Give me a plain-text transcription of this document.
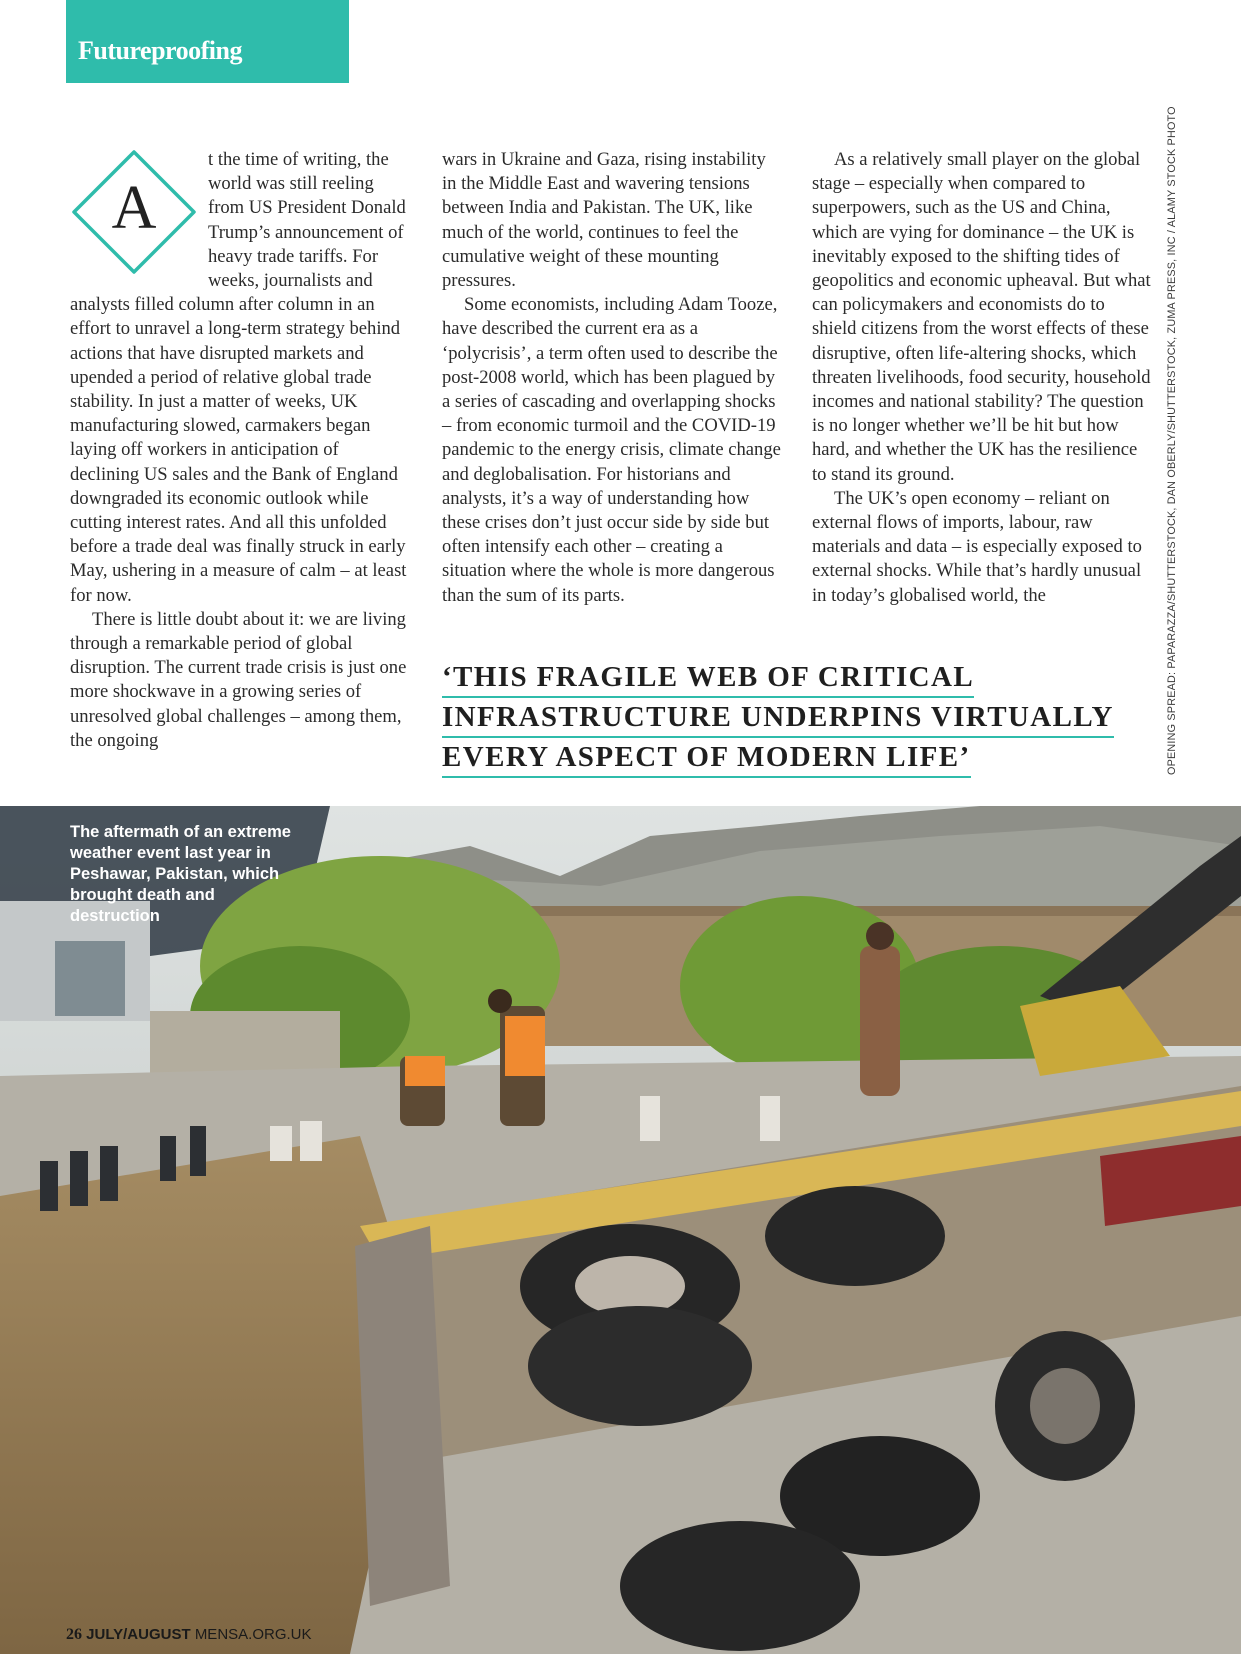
Futureproofing
A

t the time of writing, the world was still reeling from US President Donald Trump’s announcement of heavy trade tariffs. For weeks, journalists and analysts filled column after column in an effort to unravel a long-term strategy behind actions that have disrupted markets and upended a period of relative global trade stability. In just a matter of weeks, UK manufacturing slowed, carmakers began laying off workers in anticipation of declining US sales and the Bank of England downgraded its economic outlook while cutting interest rates. And all this unfolded before a trade deal was finally struck in early May, ushering in a measure of calm – at least for now.

There is little doubt about it: we are living through a remarkable period of global disruption. The current trade crisis is just one more shockwave in a growing series of unresolved global challenges – among them, the ongoing

wars in Ukraine and Gaza, rising instability in the Middle East and wavering tensions between India and Pakistan. The UK, like much of the world, continues to feel the cumulative weight of these mounting pressures.

Some economists, including Adam Tooze, have described the current era as a ‘polycrisis’, a term often used to describe the post-2008 world, which has been plagued by a series of cascading and overlapping shocks – from economic turmoil and the COVID-19 pandemic to the energy crisis, climate change and deglobalisation. For historians and analysts, it’s a way of understanding how these crises don’t just occur side by side but often intensify each other – creating a situation where the whole is more dangerous than the sum of its parts.

As a relatively small player on the global stage – especially when compared to superpowers, such as the US and China, which are vying for dominance – the UK is inevitably exposed to the shifting tides of geopolitics and economic upheaval. But what can policymakers and economists do to shield citizens from the worst effects of these disruptive, often life-altering shocks, which threaten livelihoods, food security, household incomes and national stability? The question is no longer whether we’ll be hit but how hard, and whether the UK has the resilience to stand its ground.

The UK’s open economy – reliant on external flows of imports, labour, raw materials and data – is especially exposed to external shocks. While that’s hardly unusual in today’s globalised world, the

‘THIS FRAGILE WEB OF CRITICAL
INFRASTRUCTURE UNDERPINS VIRTUALLY
EVERY ASPECT OF MODERN LIFE’	OPENING SPREAD: PAPARAZZA/SHUTTERSTOCK, DAN OBERLY/SHUTTERSTOCK, ZUMA PRESS, INC / ALAMY STOCK PHOTO
The aftermath of an extreme weather event last year in Peshawar, Pakistan, which brought death and destruction
26 JULY/AUGUST MENSA.ORG.UK
